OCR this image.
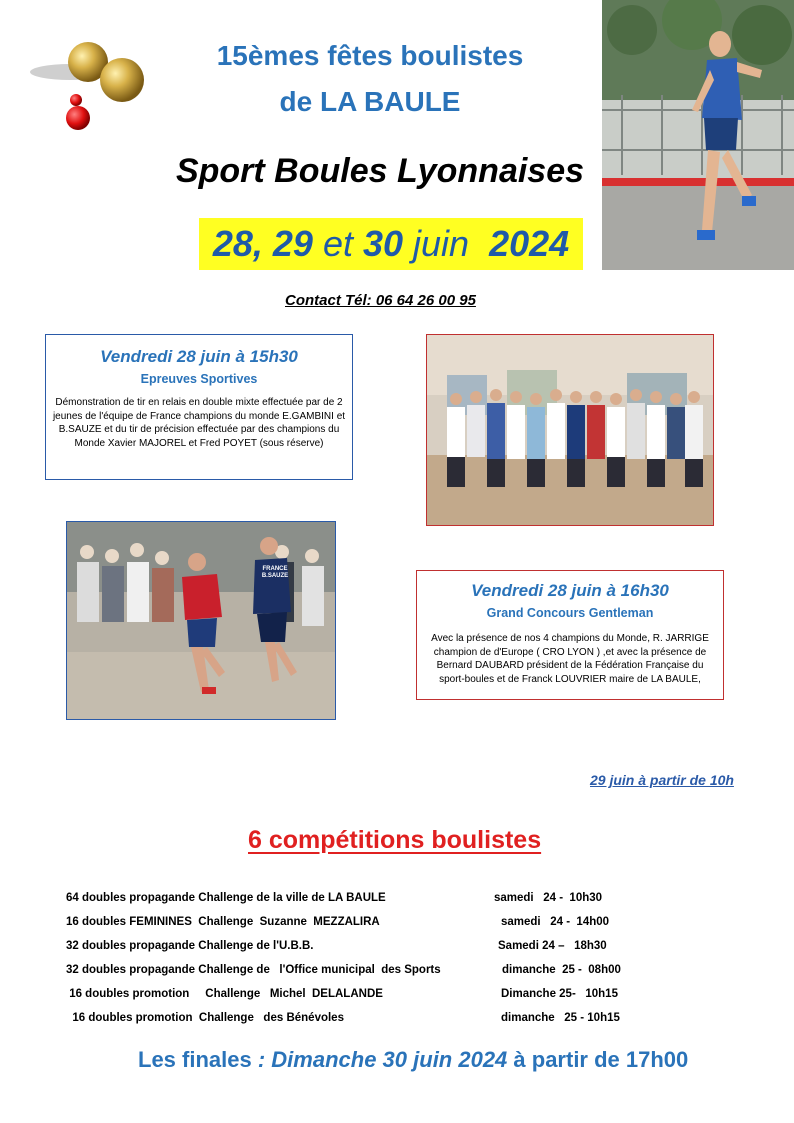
15èmes fêtes boulistes
de LA BAULE
Sport Boules Lyonnaises
28, 29 et 30 juin 2024
Contact Tél: 06 64 26 00 95
Vendredi 28 juin à 15h30
Epreuves Sportives
Démonstration de tir en relais en double mixte effectuée par de 2 jeunes de l'équipe de France champions du monde E.GAMBINI et B.SAUZE et du tir de précision effectuée par des champions du Monde Xavier MAJOREL et Fred POYET (sous réserve)
FRANCE
B.SAUZE
Vendredi 28 juin à 16h30
Grand Concours Gentleman
Avec la présence de nos 4 champions du Monde, R. JARRIGE champion de d'Europe ( CRO LYON ) ,et avec la présence de Bernard DAUBARD président de la Fédération Française du sport-boules et de Franck LOUVRIER maire de LA BAULE,
29 juin à partir de 10h
6 compétitions boulistes
64 doubles propagande Challenge de la ville de LA BAULE	samedi   24 -  10h30
16 doubles FEMININES  Challenge  Suzanne  MEZZALIRA	samedi   24 -  14h00
32 doubles propagande Challenge de l'U.B.B.	Samedi 24 –   18h30
32 doubles propagande Challenge de   l'Office municipal  des Sports	dimanche  25 -  08h00
16 doubles promotion     Challenge   Michel  DELALANDE	Dimanche 25-   10h15
16 doubles promotion  Challenge   des Bénévoles	dimanche   25 - 10h15
Les finales : Dimanche 30 juin 2024 à partir de 17h00
